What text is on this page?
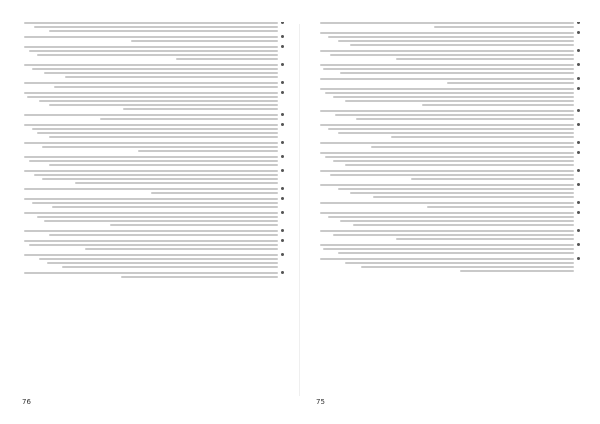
76	75
